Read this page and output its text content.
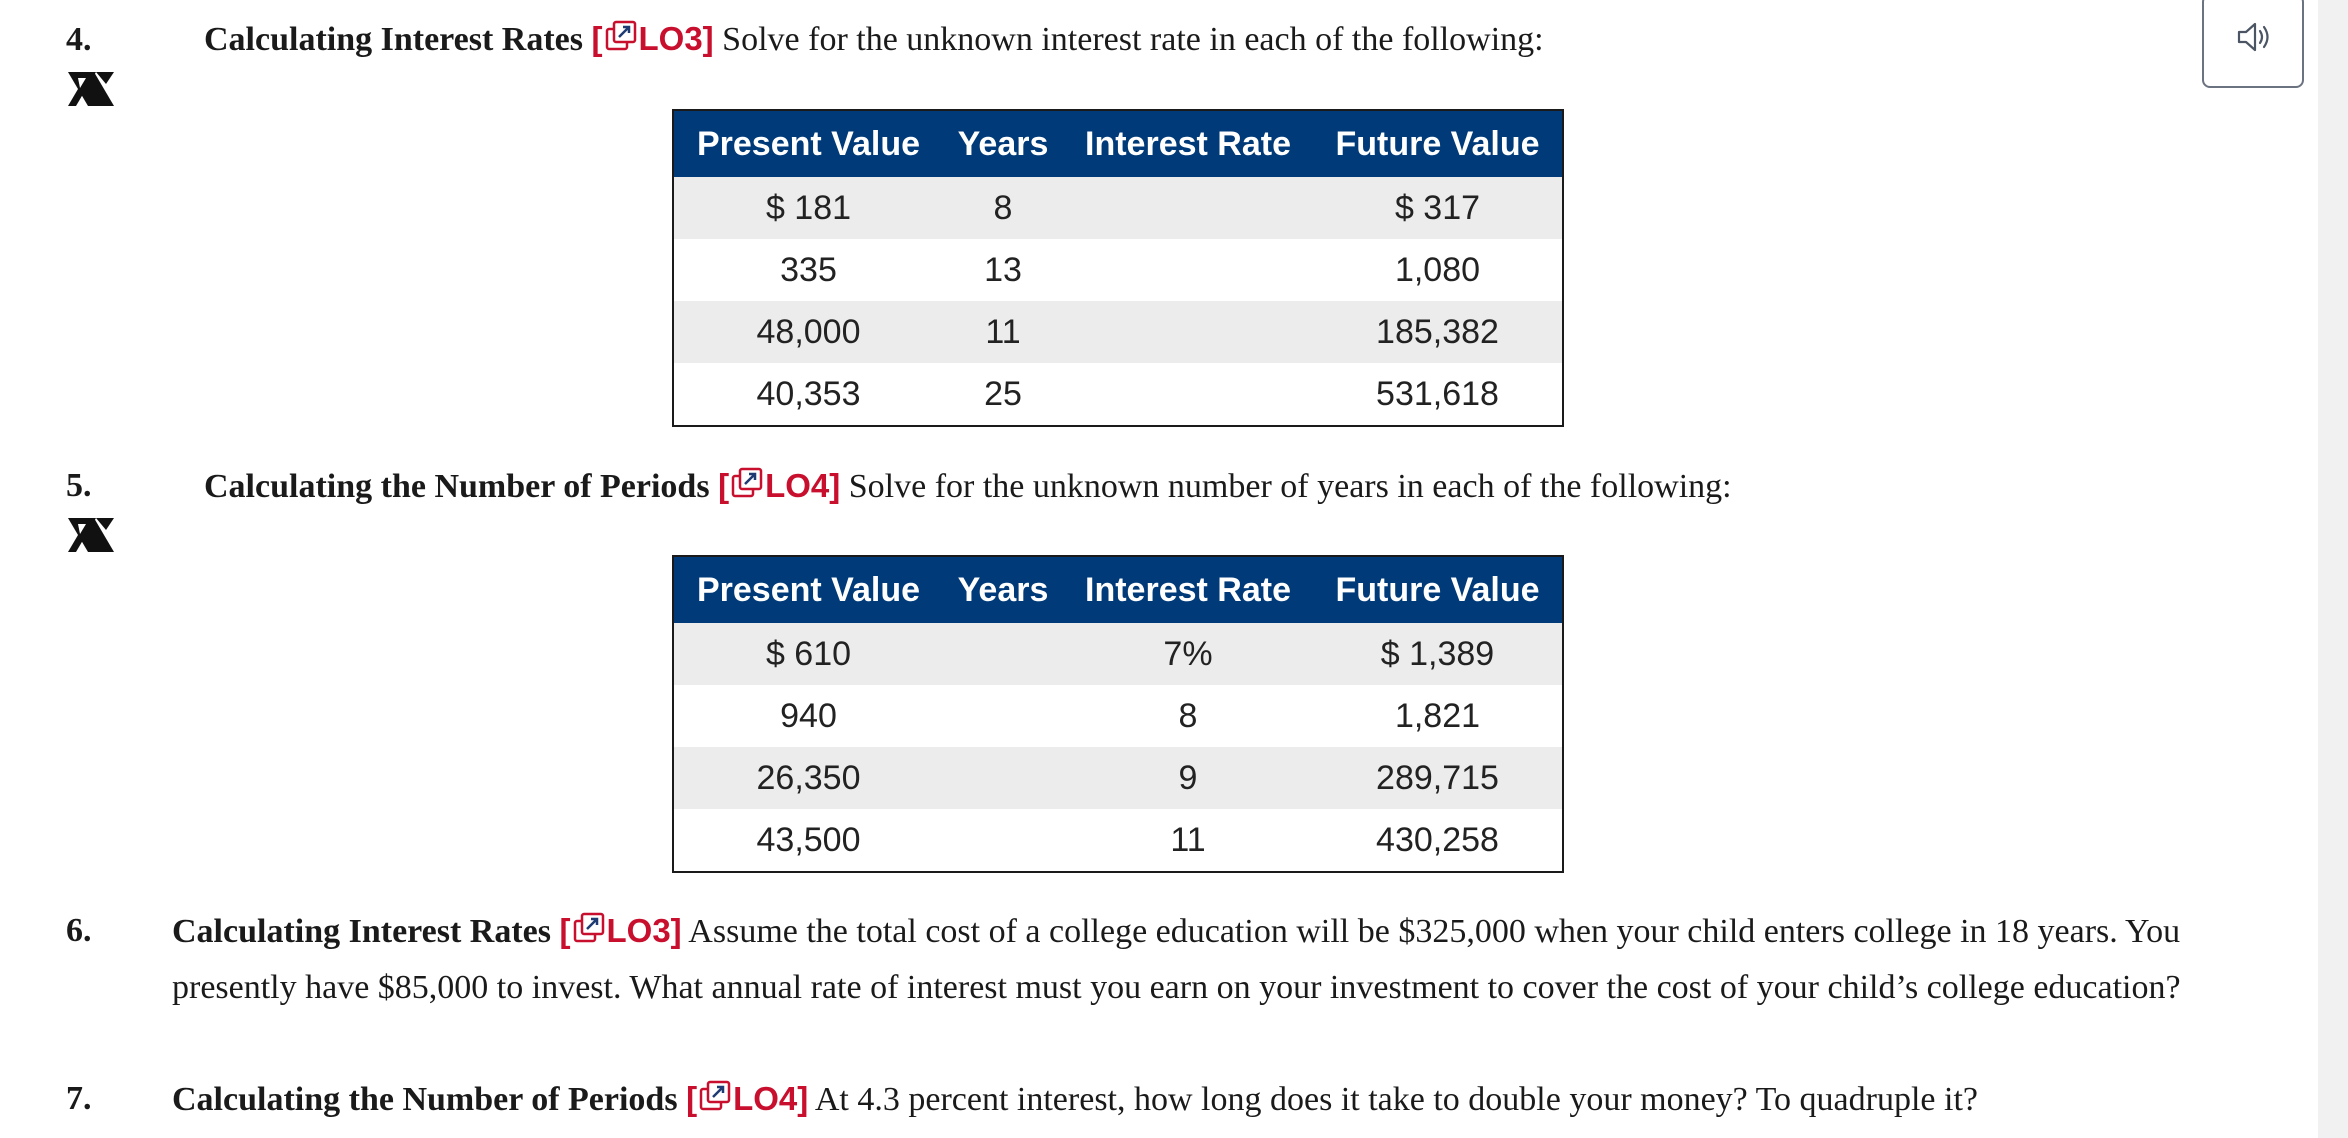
4.	Calculating Interest Rates [ LO3] Solve for the unknown interest rate in each of the following:
Present Value	Years	Interest Rate	Future Value
$ 181	8		$ 317
335	13		1,080
48,000	11		185,382
40,353	25		531,618
5.	Calculating the Number of Periods [ LO4] Solve for the unknown number of years in each of the following:
Present Value	Years	Interest Rate	Future Value
$ 610		7%	$ 1,389
940		8	1,821
26,350		9	289,715
43,500		11	430,258
6. Calculating Interest Rates [ LO3] Assume the total cost of a college education will be $325,000 when your child enters college in 18 years. You presently have $85,000 to invest. What annual rate of interest must you earn on your investment to cover the cost of your child’s college education?
7. Calculating the Number of Periods [ LO4] At 4.3 percent interest, how long does it take to double your money? To quadruple it?
